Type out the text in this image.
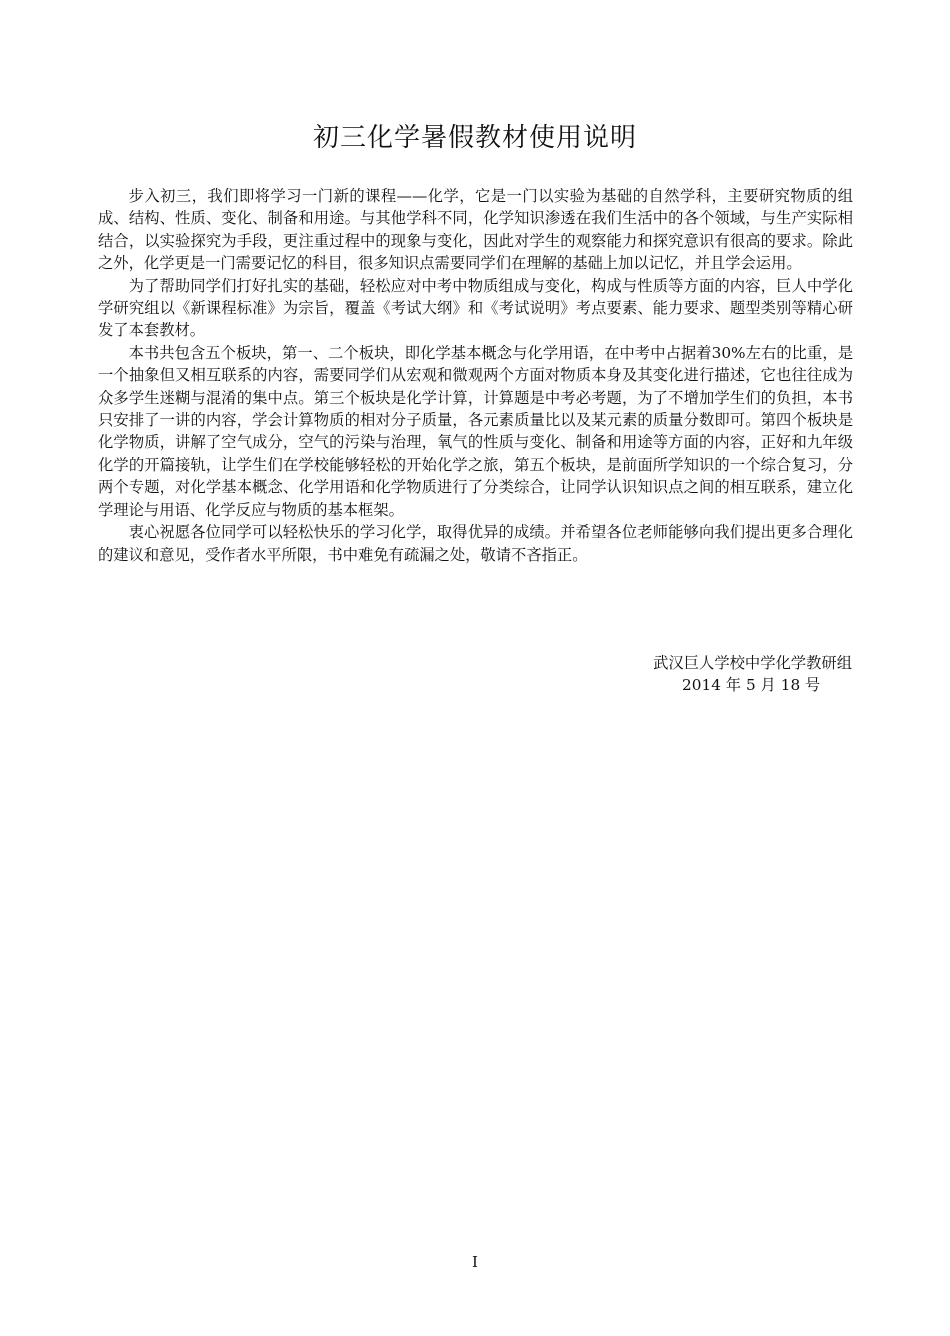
初三化学暑假教材使用说明

步入初三，我们即将学习一门新的课程——化学，它是一门以实验为基础的自然学科，主要研究物质的组成、结构、性质、变化、制备和用途。与其他学科不同，化学知识渗透在我们生活中的各个领域，与生产实际相结合，以实验探究为手段，更注重过程中的现象与变化，因此对学生的观察能力和探究意识有很高的要求。除此之外，化学更是一门需要记忆的科目，很多知识点需要同学们在理解的基础上加以记忆，并且学会运用。

为了帮助同学们打好扎实的基础，轻松应对中考中物质组成与变化，构成与性质等方面的内容，巨人中学化学研究组以《新课程标准》为宗旨，覆盖《考试大纲》和《考试说明》考点要素、能力要求、题型类别等精心研发了本套教材。

本书共包含五个板块，第一、二个板块，即化学基本概念与化学用语，在中考中占据着30%左右的比重，是一个抽象但又相互联系的内容，需要同学们从宏观和微观两个方面对物质本身及其变化进行描述，它也往往成为众多学生迷糊与混淆的集中点。第三个板块是化学计算，计算题是中考必考题，为了不增加学生们的负担，本书只安排了一讲的内容，学会计算物质的相对分子质量，各元素质量比以及某元素的质量分数即可。第四个板块是化学物质，讲解了空气成分，空气的污染与治理，氧气的性质与变化、制备和用途等方面的内容，正好和九年级化学的开篇接轨，让学生们在学校能够轻松的开始化学之旅，第五个板块，是前面所学知识的一个综合复习，分两个专题，对化学基本概念、化学用语和化学物质进行了分类综合，让同学认识知识点之间的相互联系，建立化学理论与用语、化学反应与物质的基本框架。

衷心祝愿各位同学可以轻松快乐的学习化学，取得优异的成绩。并希望各位老师能够向我们提出更多合理化的建议和意见，受作者水平所限，书中难免有疏漏之处，敬请不吝指正。

武汉巨人学校中学化学教研组
2014 年 5 月 18 号
I
